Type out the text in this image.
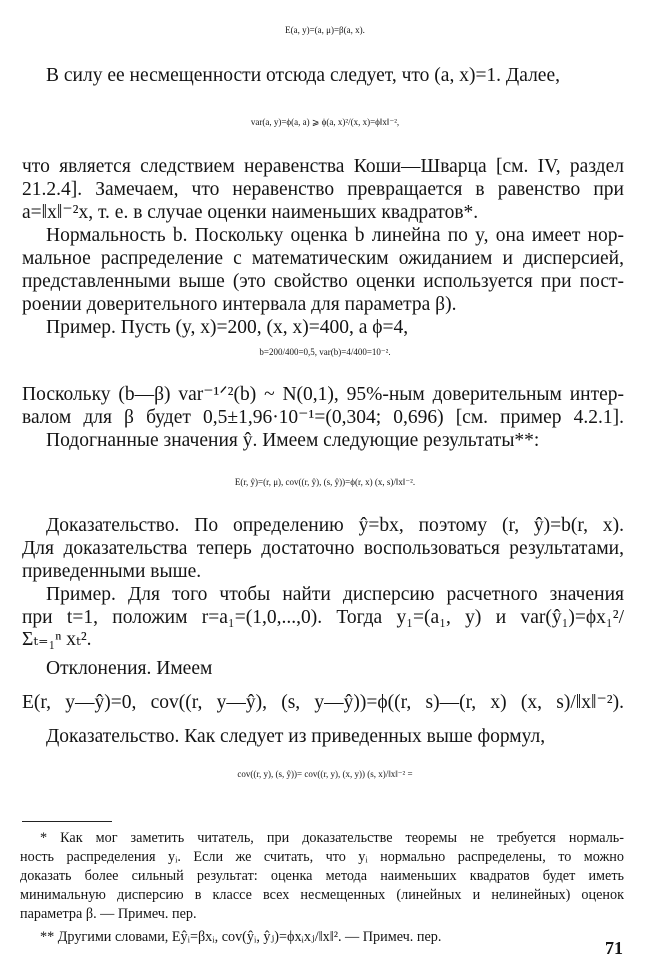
E(a, y)=(a, μ)=β(a, x).
В силу ее несмещенности отсюда следует, что (a, x)=1. Далее,
var(a, y)=ϕ(a, a) ⩾ ϕ(a, x)²/(x, x)=ϕ‖x‖⁻²,
что является следствием неравенства Коши—Шварца [см. IV, раздел
21.2.4]. Замечаем, что неравенство превращается в равенство при
a=‖x‖⁻²x, т. е. в случае оценки наименьших квадратов*.
Нормальность b. Поскольку оценка b линейна по y, она имеет нор-
мальное распределение с математическим ожиданием и дисперсией,
представленными выше (это свойство оценки используется при пост-
роении доверительного интервала для параметра β).
Пример. Пусть (y, x)=200, (x, x)=400, а ϕ=4,
b=200/400=0,5, var(b)=4/400=10⁻².
Поскольку (b—β) var⁻¹ᐟ²(b) ~ N(0,1), 95%-ным доверительным интер-
валом для β будет 0,5±1,96·10⁻¹=(0,304; 0,696) [см. пример 4.2.1].
Подогнанные значения ŷ. Имеем следующие результаты**:
E(r, ŷ)=(r, μ), cov((r, ŷ), (s, ŷ))=ϕ(r, x) (x, s)/‖x‖⁻².
Доказательство. По определению ŷ=bx, поэтому (r, ŷ)=b(r, x).
Для доказательства теперь достаточно воспользоваться результатами,
приведенными выше.
Пример. Для того чтобы найти дисперсию расчетного значения
при t=1, положим r=a₁=(1,0,...,0). Тогда y₁=(a₁, y) и var(ŷ₁)=ϕx₁²/
Σₜ₌₁ⁿ xₜ².
Отклонения. Имеем
E(r, y—ŷ)=0, cov((r, y—ŷ), (s, y—ŷ))=ϕ((r, s)—(r, x) (x, s)/‖x‖⁻²).
Доказательство. Как следует из приведенных выше формул,
cov((r, y), (s, ŷ))= cov((r, y), (x, y)) (s, x)/‖x‖⁻² =
* Как мог заметить читатель, при доказательстве теоремы не требуется нормаль-
ность распределения yᵢ. Если же считать, что yᵢ нормально распределены, то можно
доказать более сильный результат: оценка метода наименьших квадратов будет иметь
минимальную дисперсию в классе всех несмещенных (линейных и нелинейных) оценок
параметра β. — Примеч. пер.
** Другими словами, Eŷᵢ=βxᵢ, cov(ŷᵢ, ŷⱼ)=ϕxᵢxⱼ/‖x‖². — Примеч. пер.
71
